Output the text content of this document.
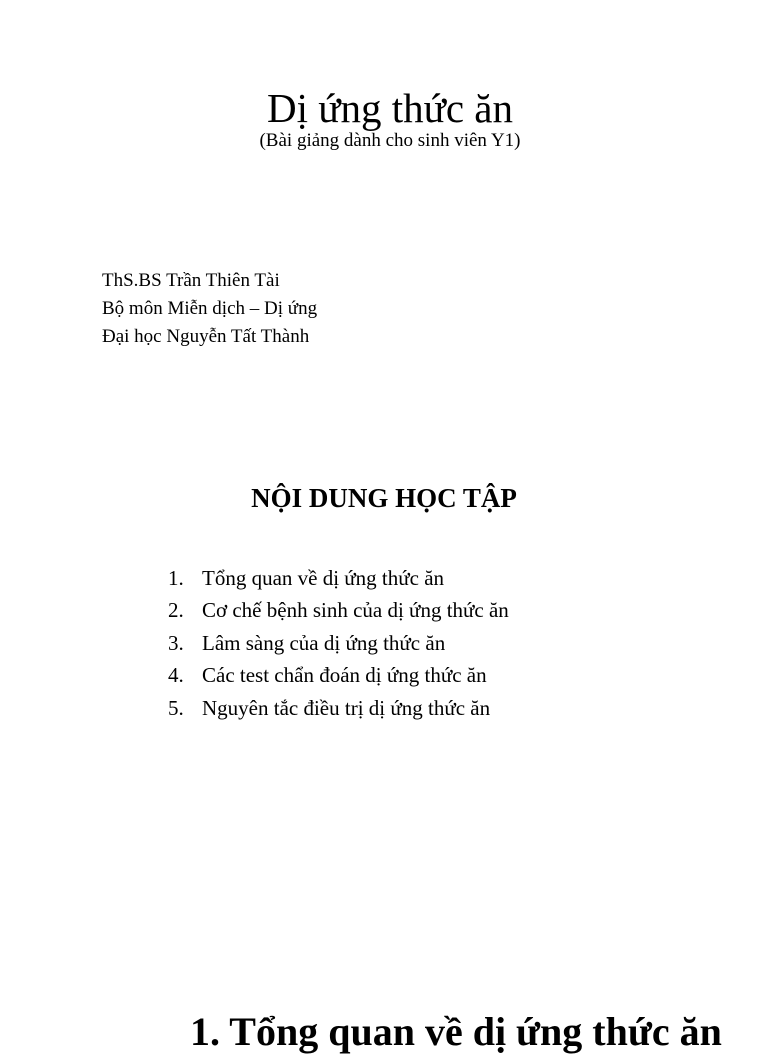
Dị ứng thức ăn
(Bài giảng dành cho sinh viên Y1)
ThS.BS Trần Thiên Tài
Bộ môn Miễn dịch – Dị ứng
Đại học Nguyễn Tất Thành
NỘI DUNG HỌC TẬP
1. Tổng quan về dị ứng thức ăn
2. Cơ chế bệnh sinh của dị ứng thức ăn
3. Lâm sàng của dị ứng thức ăn
4. Các test chẩn đoán dị ứng thức ăn
5. Nguyên tắc điều trị dị ứng thức ăn
1. Tổng quan về dị ứng thức ăn
